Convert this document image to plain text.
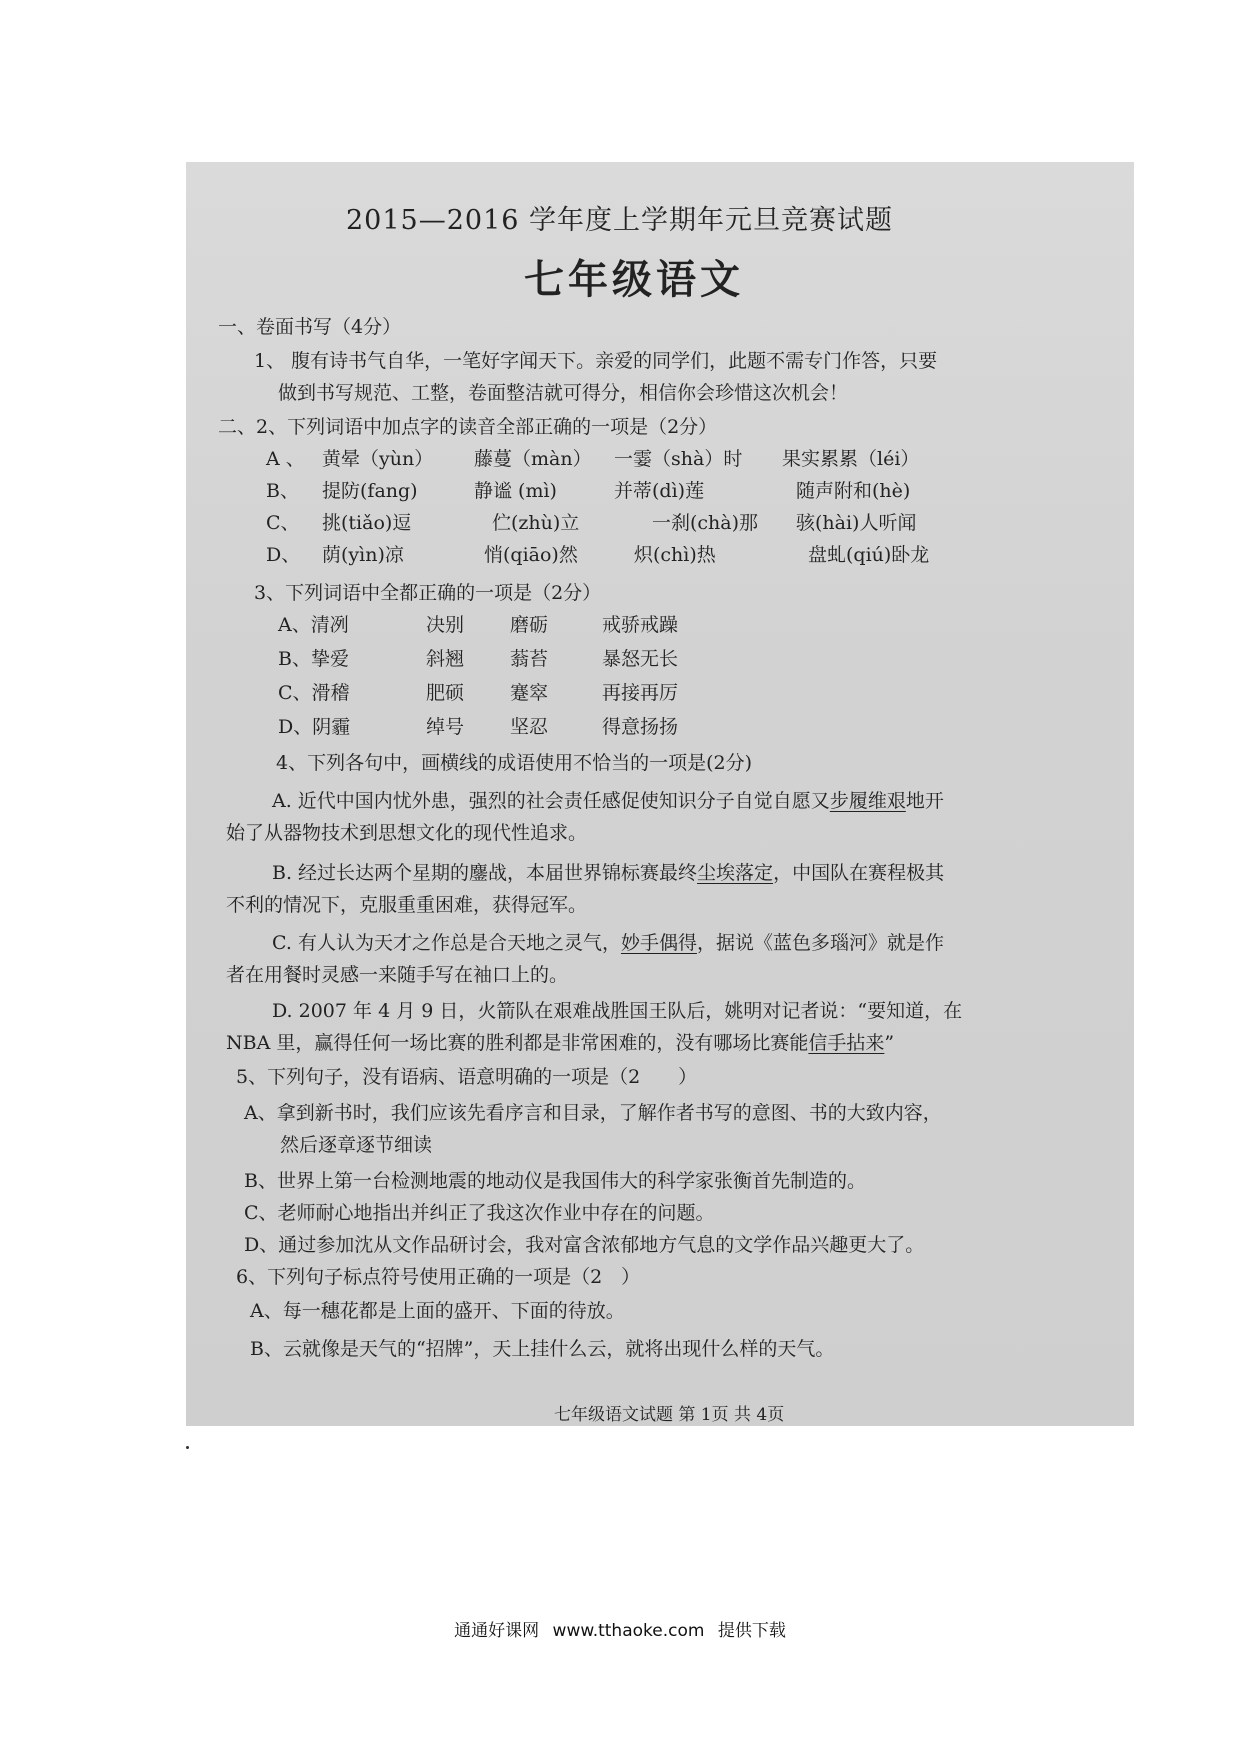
2015—2016 学年度上学期年元旦竞赛试题
七年级语文
一、卷面书写（4分）
1、 腹有诗书气自华，一笔好字闻天下。亲爱的同学们，此题不需专门作答，只要
做到书写规范、工整，卷面整洁就可得分，相信你会珍惜这次机会！
二、2、下列词语中加点字的读音全部正确的一项是（2分）
A 、 黄晕（yùn） 藤蔓（màn） 一霎（shà）时 果实累累（léi）
B、 提防(fang)	静谧 (mì)	并蒂(dì)莲	随声附和(hè)
C、 挑(tiǎo)逗	伫(zhù)立	一刹(chà)那 骇(hài)人听闻
D、 荫(yìn)凉	悄(qiāo)然	炽(chì)热	盘虬(qiú)卧龙
3、下列词语中全都正确的一项是（2分）
A、清冽	决别 磨砺	戒骄戒躁
B、挚爱	斜翘 蓊苔	暴怒无长
C、滑稽	肥硕 蹇窣	再接再厉
D、阴霾	绰号 坚忍	得意扬扬
4、下列各句中，画横线的成语使用不恰当的一项是(2分)
A. 近代中国内忧外患，强烈的社会责任感促使知识分子自觉自愿又步履维艰地开
始了从器物技术到思想文化的现代性追求。
B. 经过长达两个星期的鏖战，本届世界锦标赛最终尘埃落定，中国队在赛程极其
不利的情况下，克服重重困难，获得冠军。
C. 有人认为天才之作总是合天地之灵气，妙手偶得，据说《蓝色多瑙河》就是作
者在用餐时灵感一来随手写在袖口上的。
D. 2007 年 4 月 9 日，火箭队在艰难战胜国王队后，姚明对记者说：“要知道，在
NBA 里，赢得任何一场比赛的胜利都是非常困难的，没有哪场比赛能信手拈来”
5、下列句子，没有语病、语意明确的一项是（2　　）
A、拿到新书时，我们应该先看序言和目录，了解作者书写的意图、书的大致内容，
然后逐章逐节细读
B、世界上第一台检测地震的地动仪是我国伟大的科学家张衡首先制造的。
C、老师耐心地指出并纠正了我这次作业中存在的问题。
D、通过参加沈从文作品研讨会，我对富含浓郁地方气息的文学作品兴趣更大了。
6、下列句子标点符号使用正确的一项是（2　）
A、每一穗花都是上面的盛开、下面的待放。
B、云就像是天气的“招牌”，天上挂什么云，就将出现什么样的天气。
七年级语文试题 第 1页 共 4页
通通好课网 www.tthaoke.com 提供下载
